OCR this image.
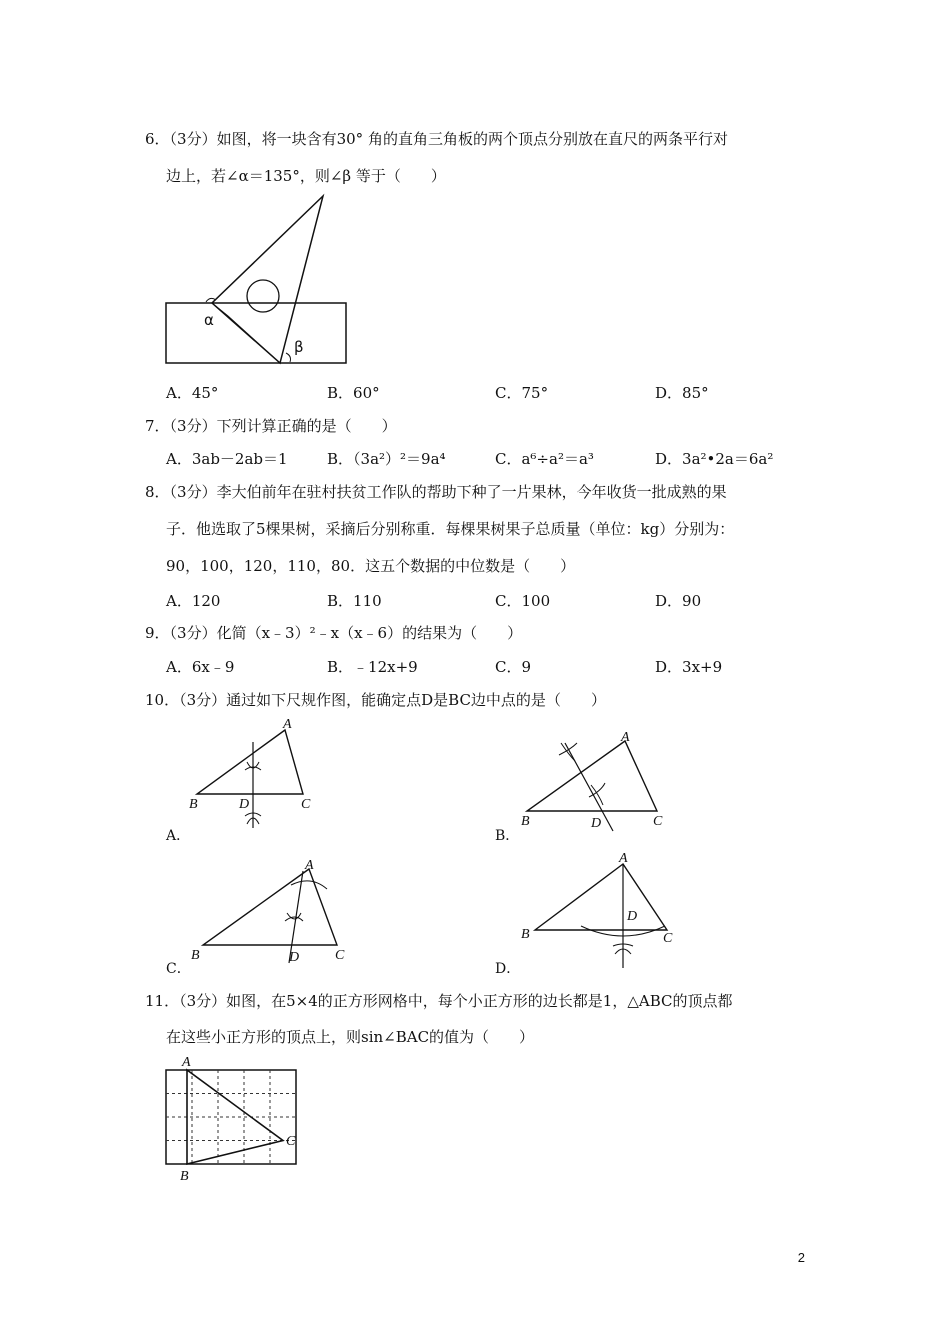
6．（3分）如图，将一块含有30° 角的直角三角板的两个顶点分别放在直尺的两条平行对
边上，若∠α＝135°，则∠β 等于（　　）
α
β
A．45°	B．60°	C．75°	D．85°
7．（3分）下列计算正确的是（　　）
A．3ab－2ab＝1	B．（3a²）²＝9a⁴	C．a⁶÷a²＝a³	D．3a²•2a＝6a²
8．（3分）李大伯前年在驻村扶贫工作队的帮助下种了一片果林，今年收货一批成熟的果
子．他选取了5棵果树，采摘后分别称重．每棵果树果子总质量（单位：kg）分别为：
90，100，120，110，80．这五个数据的中位数是（　　）
A．120	B．110	C．100	D．90
9．（3分）化简（x﹣3）²﹣x（x﹣6）的结果为（　　）
A．6x﹣9	B．﹣12x+9	C．9	D．3x+9
10．（3分）通过如下尺规作图，能确定点D是BC边中点的是（　　）
A
B	C
D
A．
A
B	C
D
B．
A
B	C
D
C．
A
B	C
D
D．
11．（3分）如图，在5×4的正方形网格中，每个小正方形的边长都是1，△ABC的顶点都
在这些小正方形的顶点上，则sin∠BAC的值为（　　）
A
B
C
2
